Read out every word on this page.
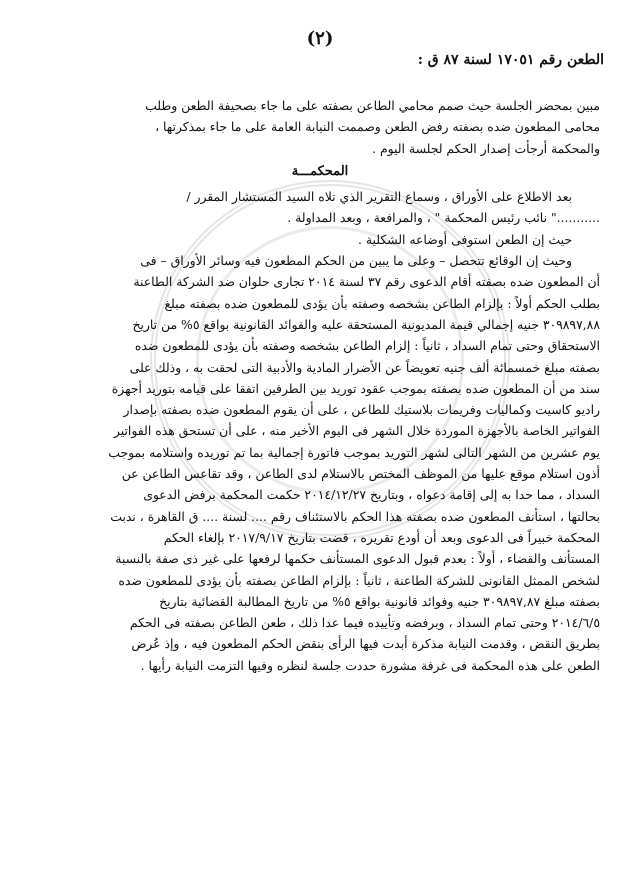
(٢)
الطعن رقم ١٧٠٥١ لسنة ٨٧ ق :
مبين بمحضر الجلسة حيث صمم محامي الطاعن بصفته على ما جاء بصحيفة الطعن وطلب
محامى المطعون ضده بصفته رفض الطعن وصممت النيابة العامة على ما جاء بمذكرتها ،
والمحكمة أرجأت إصدار الحكم لجلسة اليوم .
المحكمـــة
بعد الاطلاع على الأوراق ، وسماع التقرير الذي تلاه السيد المستشار المقرر /
..........." نائب رئيس المحكمة " ، والمرافعة ، وبعد المداولة .
حيث إن الطعن استوفى أوضاعه الشكلية .
وحيث إن الوقائع تتحصل – وعلى ما يبين من الحكم المطعون فيه وسائر الأوراق – فى
أن المطعون ضده بصفته أقام الدعوى رقم ٣٧ لسنة ٢٠١٤ تجارى حلوان ضد الشركة الطاعنة
بطلب الحكم أولاً : بإلزام الطاعن بشخصه وصفته بأن يؤدى للمطعون ضده بصفته مبلغ
٣٠٩٨٩٧,٨٨ جنيه إجمالي قيمة المديونية المستحقة عليه والفوائد القانونية بواقع ٥% من تاريخ
الاستحقاق وحتى تمام السداد ، ثانياً : إلزام الطاعن بشخصه وصفته بأن يؤدى للمطعون ضده
بصفته مبلغ خمسمائة ألف جنيه تعويضاً عن الأضرار المادية والأدبية التى لحقت به ، وذلك على
سند من أن المطعون ضده بصفته بموجب عقود توريد بين الطرفين اتفقا على قيامه بتوريد أجهزة
راديو كاسيت وكماليات وفريمات بلاستيك للطاعن ، على أن يقوم المطعون ضده بصفته بإصدار
الفواتير الخاصة بالأجهزة الموردة خلال الشهر فى اليوم الأخير منه ، على أن تستحق هذه الفواتير
يوم عشرين من الشهر التالى لشهر التوريد بموجب فاتورة إجمالية بما تم توريده واستلامه بموجب
أذون استلام موقع عليها من الموظف المختص بالاستلام لدى الطاعن ، وقد تقاعس الطاعن عن
السداد ، مما حدا به إلى إقامة دعواه ، وبتاريخ ٢٠١٤/١٢/٢٧ حكمت المحكمة برفض الدعوى
بحالتها ، استأنف المطعون ضده بصفته هذا الحكم بالاستئناف رقم .... لسنة .... ق القاهرة ، ندبت
المحكمة خبيراً فى الدعوى وبعد أن أودع تقريره ، قضت بتاريخ ٢٠١٧/٩/١٧ بإلغاء الحكم
المستأنف والقضاء ، أولاً : بعدم قبول الدعوى المستأنف حكمها لرفعها على غير ذى صفة بالنسبة
لشخص الممثل القانونى للشركة الطاعنة ، ثانياً : بإلزام الطاعن بصفته بأن يؤدى للمطعون ضده
بصفته مبلغ ٣٠٩٨٩٧,٨٧ جنيه وفوائد قانونية بواقع ٥% من تاريخ المطالبة القضائية بتاريخ
٢٠١٤/٦/٥ وحتى تمام السداد ، وبرفضه وتأييده فيما عدا ذلك ، طعن الطاعن بصفته فى الحكم
بطريق النقض ، وقدمت النيابة مذكرة أبدت فيها الرأى بنقض الحكم المطعون فيه ، وإذ عُرض
الطعن على هذه المحكمة فى غرفة مشورة حددت جلسة لنظره وفيها التزمت النيابة رأيها .
